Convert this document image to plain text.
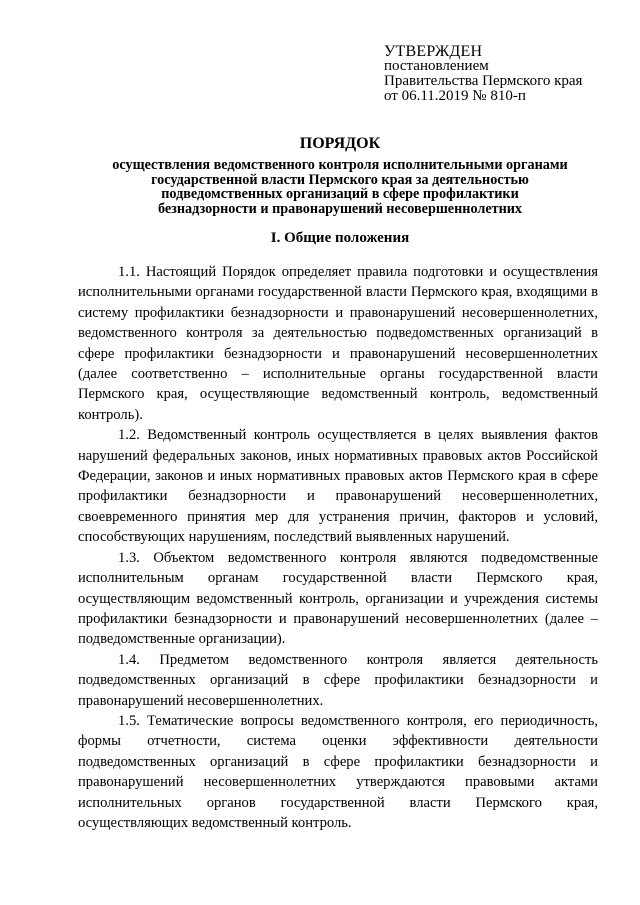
УТВЕРЖДЕН
постановлением
Правительства Пермского края
от 06.11.2019 № 810-п
ПОРЯДОК
осуществления ведомственного контроля исполнительными органами
государственной власти Пермского края за деятельностью
подведомственных организаций в сфере профилактики
безнадзорности и правонарушений несовершеннолетних
I. Общие положения

1.1. Настоящий Порядок определяет правила подготовки и осуществления исполнительными органами государственной власти Пермского края, входящими в систему профилактики безнадзорности и правонарушений несовершеннолетних, ведомственного контроля за деятельностью подведомственных организаций в сфере профилактики безнадзорности и правонарушений несовершеннолетних (далее соответственно – исполнительные органы государственной власти Пермского края, осуществляющие ведомственный контроль, ведомственный контроль).

1.2. Ведомственный контроль осуществляется в целях выявления фактов нарушений федеральных законов, иных нормативных правовых актов Российской Федерации, законов и иных нормативных правовых актов Пермского края в сфере профилактики безнадзорности и правонарушений несовершеннолетних, своевременного принятия мер для устранения причин, факторов и условий, способствующих нарушениям, последствий выявленных нарушений.

1.3. Объектом ведомственного контроля являются подведомственные исполнительным органам государственной власти Пермского края, осуществляющим ведомственный контроль, организации и учреждения системы профилактики безнадзорности и правонарушений несовершеннолетних (далее – подведомственные организации).

1.4. Предметом ведомственного контроля является деятельность подведомственных организаций в сфере профилактики безнадзорности и правонарушений несовершеннолетних.

1.5. Тематические вопросы ведомственного контроля, его периодичность, формы отчетности, система оценки эффективности деятельности подведомственных организаций в сфере профилактики безнадзорности и правонарушений несовершеннолетних утверждаются правовыми актами исполнительных органов государственной власти Пермского края, осуществляющих ведомственный контроль.
